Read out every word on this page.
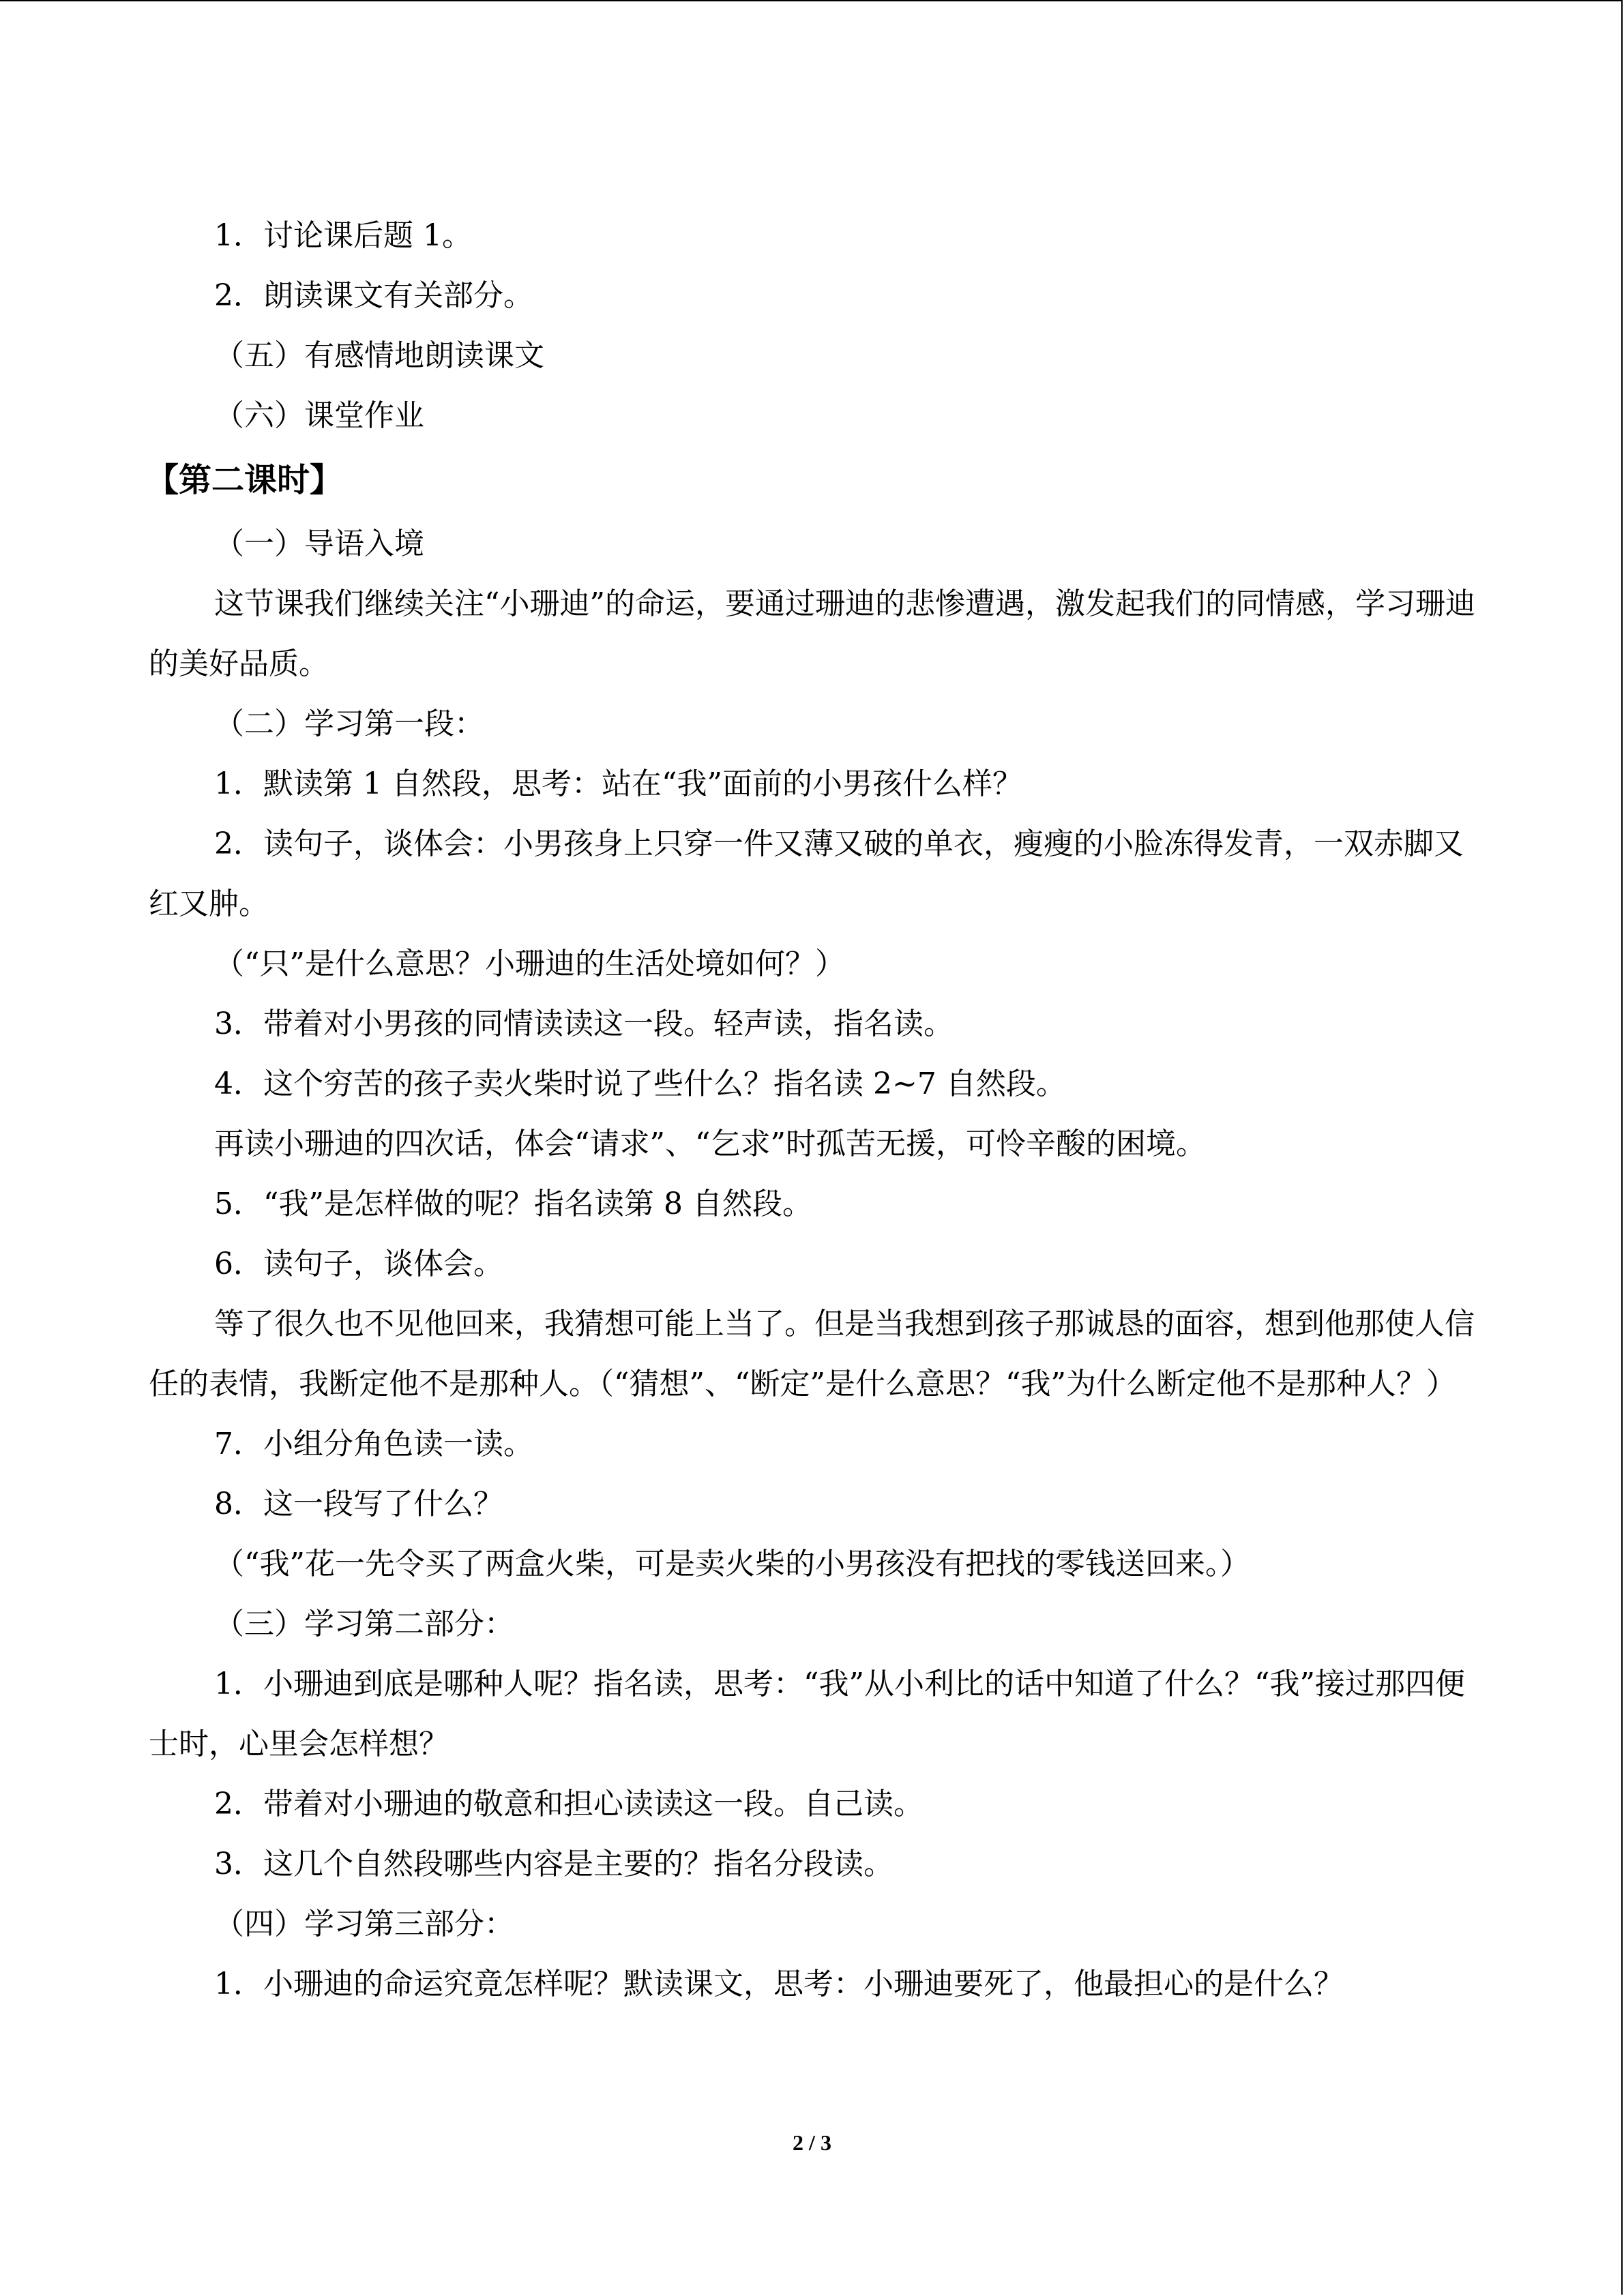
1．讨论课后题 1。

2．朗读课文有关部分。

（五）有感情地朗读课文

（六）课堂作业

【第二课时】

（一）导语入境

这节课我们继续关注“小珊迪”的命运，要通过珊迪的悲惨遭遇，激发起我们的同情感，学习珊迪的美好品质。

（二）学习第一段：

1．默读第 1 自然段，思考：站在“我”面前的小男孩什么样？

2．读句子，谈体会：小男孩身上只穿一件又薄又破的单衣，瘦瘦的小脸冻得发青，一双赤脚又红又肿。

（“只”是什么意思？小珊迪的生活处境如何？）

3．带着对小男孩的同情读读这一段。轻声读，指名读。

4．这个穷苦的孩子卖火柴时说了些什么？指名读 2~7 自然段。

再读小珊迪的四次话，体会“请求”、“乞求”时孤苦无援，可怜辛酸的困境。

5．“我”是怎样做的呢？指名读第 8 自然段。

6．读句子，谈体会。

等了很久也不见他回来，我猜想可能上当了。但是当我想到孩子那诚恳的面容，想到他那使人信任的表情，我断定他不是那种人。（“猜想”、“断定”是什么意思？“我”为什么断定他不是那种人？）

7．小组分角色读一读。

8．这一段写了什么？

（“我”花一先令买了两盒火柴，可是卖火柴的小男孩没有把找的零钱送回来。）

（三）学习第二部分：

1．小珊迪到底是哪种人呢？指名读，思考：“我”从小利比的话中知道了什么？“我”接过那四便士时，心里会怎样想？

2．带着对小珊迪的敬意和担心读读这一段。自己读。

3．这几个自然段哪些内容是主要的？指名分段读。

（四）学习第三部分：

1．小珊迪的命运究竟怎样呢？默读课文，思考：小珊迪要死了，他最担心的是什么？

2 / 3
